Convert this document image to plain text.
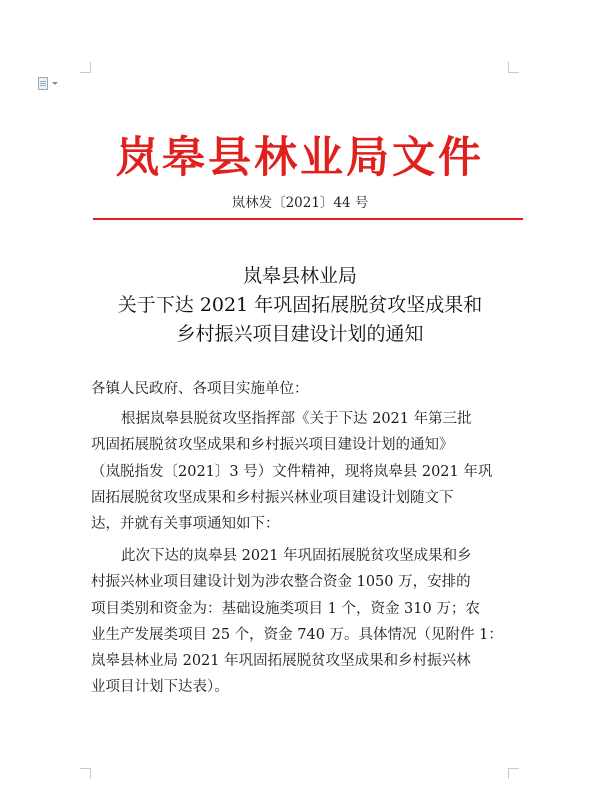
岚皋县林业局文件
岚林发〔2021〕44 号
岚皋县林业局
关于下达 2021 年巩固拓展脱贫攻坚成果和
乡村振兴项目建设计划的通知
各镇人民政府、各项目实施单位：
根据岚皋县脱贫攻坚指挥部《关于下达 2021 年第三批
巩固拓展脱贫攻坚成果和乡村振兴项目建设计划的通知》
（岚脱指发〔2021〕3 号）文件精神，现将岚皋县 2021 年巩
固拓展脱贫攻坚成果和乡村振兴林业项目建设计划随文下
达，并就有关事项通知如下：
此次下达的岚皋县 2021 年巩固拓展脱贫攻坚成果和乡
村振兴林业项目建设计划为涉农整合资金 1050 万，安排的
项目类别和资金为：基础设施类项目 1 个，资金 310 万；农
业生产发展类项目 25 个，资金 740 万。具体情况（见附件 1：
岚皋县林业局 2021 年巩固拓展脱贫攻坚成果和乡村振兴林
业项目计划下达表）。
